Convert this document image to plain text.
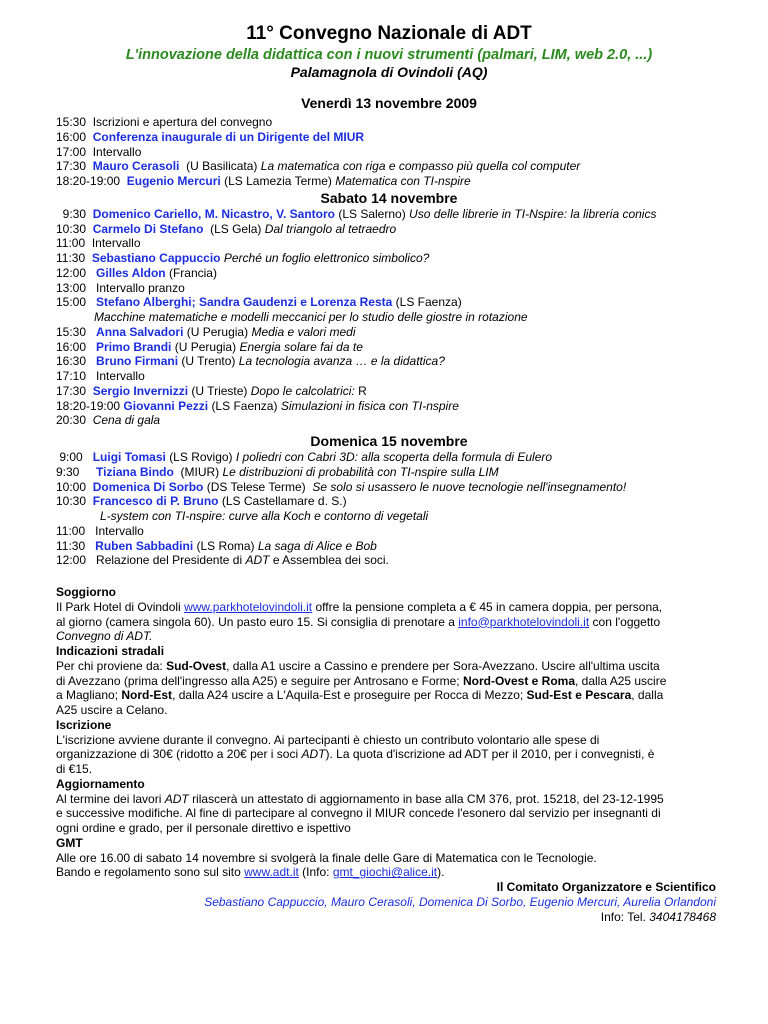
11° Convegno Nazionale di ADT
L'innovazione della didattica con i nuovi strumenti (palmari, LIM, web 2.0, ...)
Palamagnola di Ovindoli (AQ)
Venerdì 13 novembre 2009
15:30 Iscrizioni e apertura del convegno
16:00 Conferenza inaugurale di un Dirigente del MIUR
17:00 Intervallo
17:30 Mauro Cerasoli (U Basilicata) La matematica con riga e compasso più quella col computer
18:20-19:00 Eugenio Mercuri (LS Lamezia Terme) Matematica con TI-nspire
Sabato 14 novembre
9:30 Domenico Cariello, M. Nicastro, V. Santoro (LS Salerno) Uso delle librerie in TI-Nspire: la libreria conics
10:30 Carmelo Di Stefano (LS Gela) Dal triangolo al tetraedro
11:00 Intervallo
11:30 Sebastiano Cappuccio Perché un foglio elettronico simbolico?
12:00 Gilles Aldon (Francia)
13:00 Intervallo pranzo
15:00 Stefano Alberghi; Sandra Gaudenzi e Lorenza Resta (LS Faenza)
Macchine matematiche e modelli meccanici per lo studio delle giostre in rotazione
15:30 Anna Salvadori (U Perugia) Media e valori medi
16:00 Primo Brandi (U Perugia) Energia solare fai da te
16:30 Bruno Firmani (U Trento) La tecnologia avanza … e la didattica?
17:10 Intervallo
17:30 Sergio Invernizzi (U Trieste) Dopo le calcolatrici: R
18:20-19:00 Giovanni Pezzi (LS Faenza) Simulazioni in fisica con TI-nspire
20:30 Cena di gala
Domenica 15 novembre
9:00 Luigi Tomasi (LS Rovigo) I poliedri con Cabri 3D: alla scoperta della formula di Eulero
9:30 Tiziana Bindo (MIUR) Le distribuzioni di probabilità con TI-nspire sulla LIM
10:00 Domenica Di Sorbo (DS Telese Terme) Se solo si usassero le nuove tecnologie nell'insegnamento!
10:30 Francesco di P. Bruno (LS Castellamare d. S.)
L-system con TI-nspire: curve alla Koch e contorno di vegetali
11:00 Intervallo
11:30 Ruben Sabbadini (LS Roma) La saga di Alice e Bob
12:00 Relazione del Presidente di ADT e Assemblea dei soci.
Soggiorno
Il Park Hotel di Ovindoli www.parkhotelovindoli.it offre la pensione completa a € 45 in camera doppia, per persona,
al giorno (camera singola 60). Un pasto euro 15. Si consiglia di prenotare a info@parkhotelovindoli.it con l'oggetto
Convegno di ADT.
Indicazioni stradali
Per chi proviene da: Sud-Ovest, dalla A1 uscire a Cassino e prendere per Sora-Avezzano. Uscire all'ultima uscita
di Avezzano (prima dell'ingresso alla A25) e seguire per Antrosano e Forme; Nord-Ovest e Roma, dalla A25 uscire
a Magliano; Nord-Est, dalla A24 uscire a L'Aquila-Est e proseguire per Rocca di Mezzo; Sud-Est e Pescara, dalla
A25 uscire a Celano.
Iscrizione
L'iscrizione avviene durante il convegno. Ai partecipanti è chiesto un contributo volontario alle spese di
organizzazione di 30€ (ridotto a 20€ per i soci ADT). La quota d'iscrizione ad ADT per il 2010, per i convegnisti, è
di €15.
Aggiornamento
Al termine dei lavori ADT rilascerà un attestato di aggiornamento in base alla CM 376, prot. 15218, del 23-12-1995
e successive modifiche. Al fine di partecipare al convegno il MIUR concede l'esonero dal servizio per insegnanti di
ogni ordine e grado, per il personale direttivo e ispettivo
GMT
Alle ore 16.00 di sabato 14 novembre si svolgerà la finale delle Gare di Matematica con le Tecnologie.
Bando e regolamento sono sul sito www.adt.it (Info: gmt_giochi@alice.it).
Il Comitato Organizzatore e Scientifico
Sebastiano Cappuccio, Mauro Cerasoli, Domenica Di Sorbo, Eugenio Mercuri, Aurelia Orlandoni
Info: Tel. 3404178468
